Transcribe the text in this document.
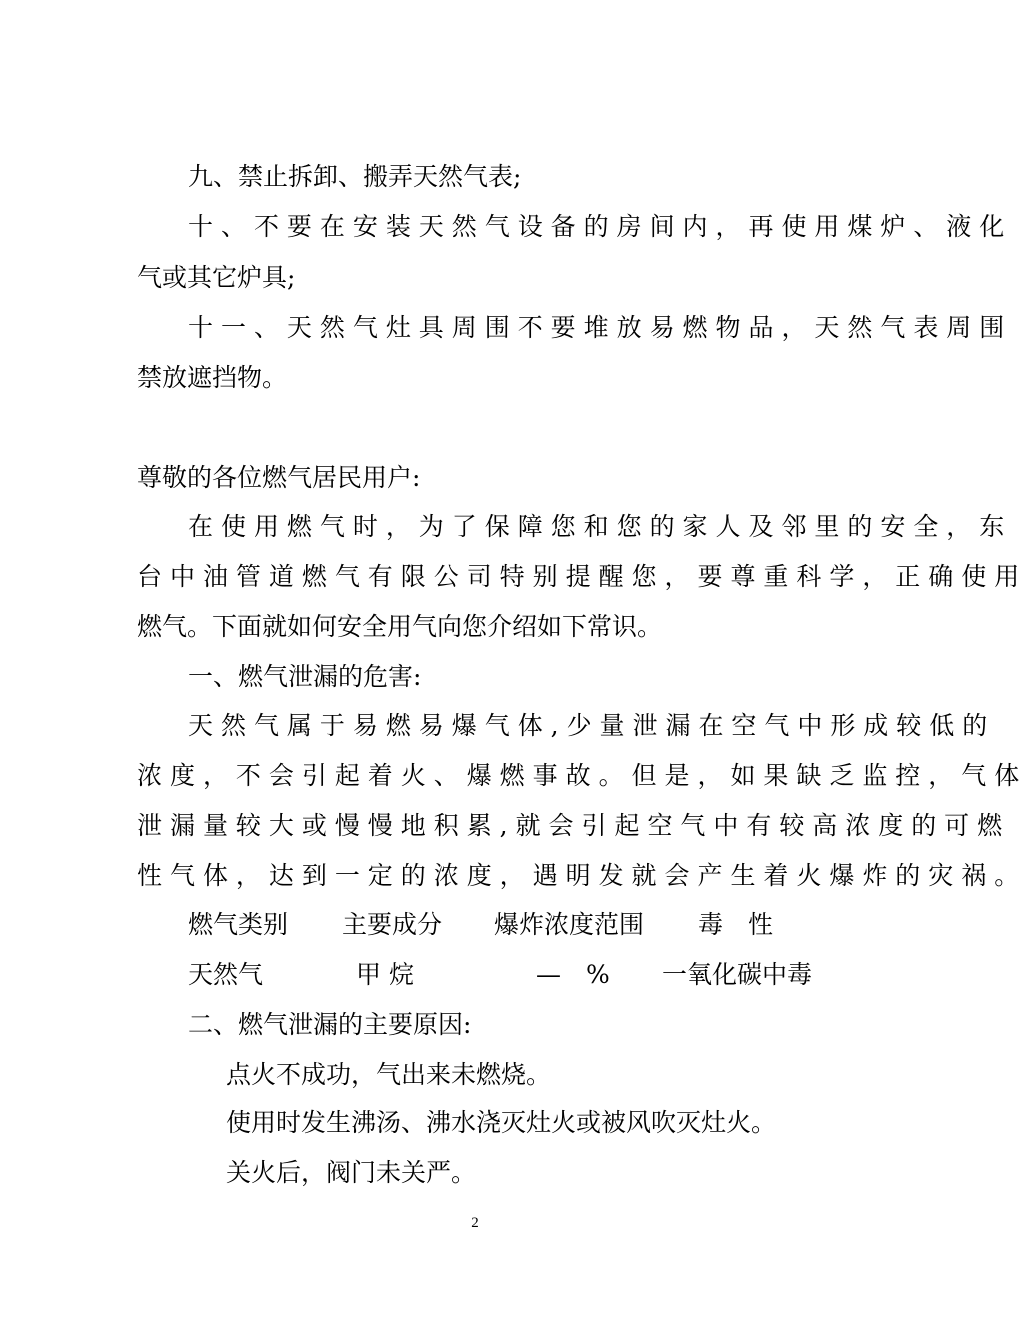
九、禁止拆卸、搬弄天然气表;
十 、 不 要 在 安 装 天 然 气 设 备 的 房 间 内 ， 再 使 用 煤 炉 、 液 化
气或其它炉具;
十 一 、 天 然 气 灶 具 周 围 不 要 堆 放 易 燃 物 品 ， 天 然 气 表 周 围
禁放遮挡物。
尊敬的各位燃气居民用户:
在 使 用 燃 气 时 ， 为 了 保 障 您 和 您 的 家 人 及 邻 里 的 安 全 ， 东
台 中 油 管 道 燃 气 有 限 公 司 特 别 提 醒 您 ， 要 尊 重 科 学 ， 正 确 使 用
燃气。下面就如何安全用气向您介绍如下常识。
一、燃气泄漏的危害:
天 然 气 属 于 易 燃 易 爆 气 体 , 少 量 泄 漏 在 空 气 中 形 成 较 低 的
浓 度 ， 不 会 引 起 着 火 、 爆 燃 事 故 。 但 是 ， 如 果 缺 乏 监 控 ， 气 体
泄 漏 量 较 大 或 慢 慢 地 积 累 , 就 会 引 起 空 气 中 有 较 高 浓 度 的 可 燃
性 气 体 ， 达 到 一 定 的 浓 度 ， 遇 明 发 就 会 产 生 着 火 爆 炸 的 灾 祸 。
燃气类别 主要成分 爆炸浓度范围 毒　性
天然气	甲 烷	—　% 一氧化碳中毒
二、燃气泄漏的主要原因:
点火不成功，气出来未燃烧。
使用时发生沸汤、沸水浇灭灶火或被风吹灭灶火。
关火后，阀门未关严。
2
